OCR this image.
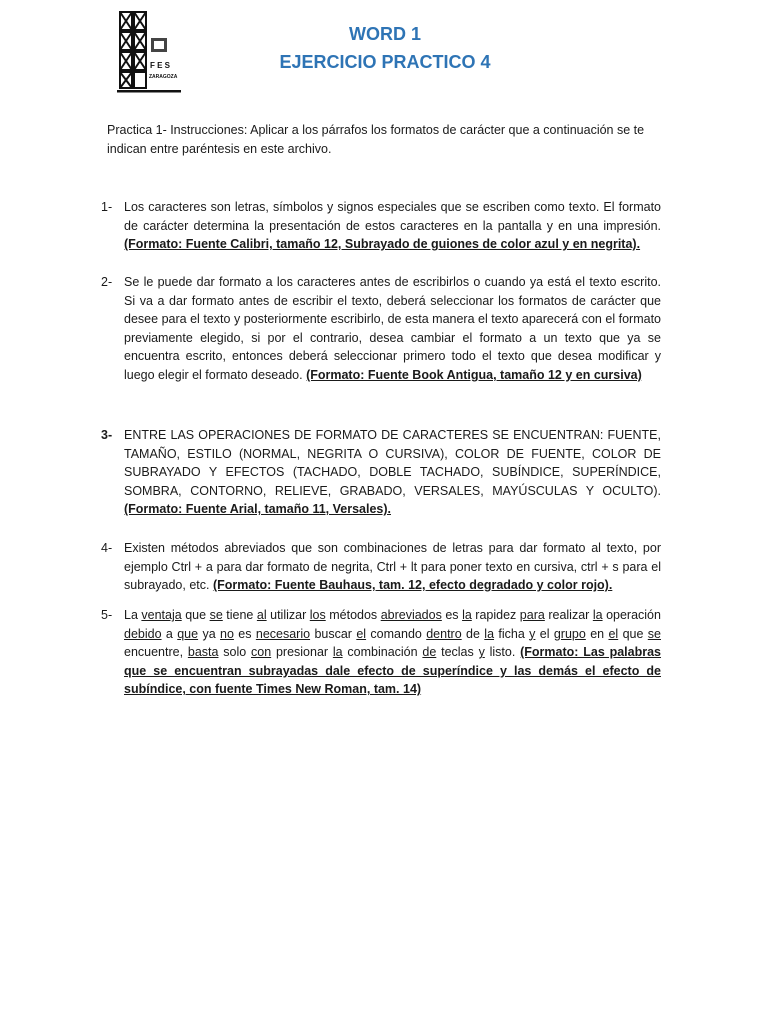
F E S
ZARAGOZA
WORD 1
EJERCICIO PRACTICO 4
Practica 1- Instrucciones: Aplicar a los párrafos los formatos de carácter que a continuación se te indican entre paréntesis en este archivo.
1- Los caracteres son letras, símbolos y signos especiales que se escriben como texto. El formato de carácter determina la presentación de estos caracteres en la pantalla y en una impresión. (Formato: Fuente Calibri, tamaño 12, Subrayado de guiones de color azul y en negrita).
2- Se le puede dar formato a los caracteres antes de escribirlos o cuando ya está el texto escrito. Si va a dar formato antes de escribir el texto, deberá seleccionar los formatos de carácter que desee para el texto y posteriormente escribirlo, de esta manera el texto aparecerá con el formato previamente elegido, si por el contrario, desea cambiar el formato a un texto que ya se encuentra escrito, entonces deberá seleccionar primero todo el texto que desea modificar y luego elegir el formato deseado. (Formato: Fuente Book Antigua, tamaño 12 y en cursiva)
3- ENTRE LAS OPERACIONES DE FORMATO DE CARACTERES SE ENCUENTRAN: FUENTE, TAMAÑO, ESTILO (NORMAL, NEGRITA O CURSIVA), COLOR DE FUENTE, COLOR DE SUBRAYADO Y EFECTOS (TACHADO, DOBLE TACHADO, SUBÍNDICE, SUPERÍNDICE, SOMBRA, CONTORNO, RELIEVE, GRABADO, VERSALES, MAYÚSCULAS Y OCULTO). (Formato: Fuente Arial, tamaño 11, Versales).
4- Existen métodos abreviados que son combinaciones de letras para dar formato al texto, por ejemplo Ctrl + a para dar formato de negrita, Ctrl + lt para poner texto en cursiva, ctrl + s para el subrayado, etc. (Formato: Fuente Bauhaus, tam. 12, efecto degradado y color rojo).
5- La ventaja que se tiene al utilizar los métodos abreviados es la rapidez para realizar la operación debido a que ya no es necesario buscar el comando dentro de la ficha y el grupo en el que se encuentre, basta solo con presionar la combinación de teclas y listo. (Formato: Las palabras que se encuentran subrayadas dale efecto de superíndice y las demás el efecto de subíndice, con fuente Times New Roman, tam. 14)
